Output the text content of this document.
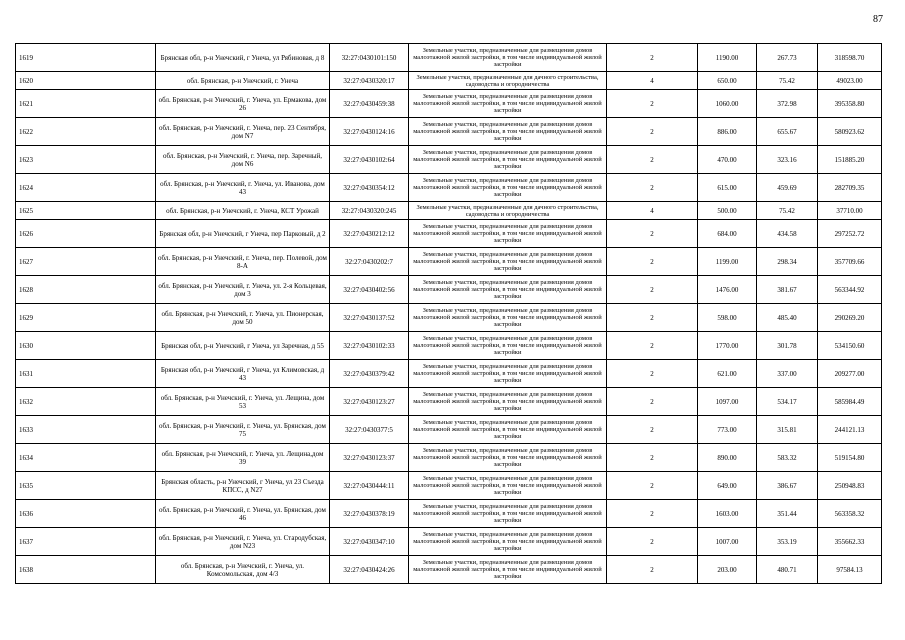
87
1619	Брянская обл, р-н Унечский, г Унеча, ул Рябиновая, д 8	32:27:0430101:150	Земельные участки, предназначенные для размещения домов малоэтажной жилой застройки, в том числе индивидуальной жилой застройки	2	1190.00	267.73	318598.70
1620	обл. Брянская, р-н Унечский, г. Унеча	32:27:0430320:17	Земельные участки, предназначенные для дачного строительства, садоводства и огородничества	4	650.00	75.42	49023.00
1621	обл. Брянская, р-н Унечский, г. Унеча, ул. Ермакова, дом 26	32:27:0430459:38	Земельные участки, предназначенные для размещения домов малоэтажной жилой застройки, в том числе индивидуальной жилой застройки	2	1060.00	372.98	395358.80
1622	обл. Брянская, р-н Унечский, г. Унеча, пер. 23 Сентября, дом N7	32:27:0430124:16	Земельные участки, предназначенные для размещения домов малоэтажной жилой застройки, в том числе индивидуальной жилой застройки	2	886.00	655.67	580923.62
1623	обл. Брянская, р-н Унечский, г. Унеча, пер. Заречный, дом N6	32:27:0430102:64	Земельные участки, предназначенные для размещения домов малоэтажной жилой застройки, в том числе индивидуальной жилой застройки	2	470.00	323.16	151885.20
1624	обл. Брянская, р-н Унечский, г. Унеча, ул. Иванова, дом 43	32:27:0430354:12	Земельные участки, предназначенные для размещения домов малоэтажной жилой застройки, в том числе индивидуальной жилой застройки	2	615.00	459.69	282709.35
1625	обл. Брянская, р-н Унечский, г. Унеча, КСТ Урожай	32:27:0430320:245	Земельные участки, предназначенные для дачного строительства, садоводства и огородничества	4	500.00	75.42	37710.00
1626	Брянская обл, р-н Унечский, г Унеча, пер Парковый, д 2	32:27:0430212:12	Земельные участки, предназначенные для размещения домов малоэтажной жилой застройки, в том числе индивидуальной жилой застройки	2	684.00	434.58	297252.72
1627	обл. Брянская, р-н Унечский, г. Унеча, пер. Полевой, дом 8-А	32:27:0430202:7	Земельные участки, предназначенные для размещения домов малоэтажной жилой застройки, в том числе индивидуальной жилой застройки	2	1199.00	298.34	357709.66
1628	обл. Брянская, р-н Унечский, г. Унеча, ул. 2-я Кольцевая, дом 3	32:27:0430402:56	Земельные участки, предназначенные для размещения домов малоэтажной жилой застройки, в том числе индивидуальной жилой застройки	2	1476.00	381.67	563344.92
1629	обл. Брянская, р-н Унечский, г. Унеча, ул. Пионерская, дом 50	32:27:0430137:52	Земельные участки, предназначенные для размещения домов малоэтажной жилой застройки, в том числе индивидуальной жилой застройки	2	598.00	485.40	290269.20
1630	Брянская обл, р-н Унечский, г Унеча, ул Заречная, д 55	32:27:0430102:33	Земельные участки, предназначенные для размещения домов малоэтажной жилой застройки, в том числе индивидуальной жилой застройки	2	1770.00	301.78	534150.60
1631	Брянская обл, р-н Унечский, г Унеча, ул Климовская, д 43	32:27:0430379:42	Земельные участки, предназначенные для размещения домов малоэтажной жилой застройки, в том числе индивидуальной жилой застройки	2	621.00	337.00	209277.00
1632	обл. Брянская, р-н Унечский, г. Унеча, ул. Лещина, дом 53	32:27:0430123:27	Земельные участки, предназначенные для размещения домов малоэтажной жилой застройки, в том числе индивидуальной жилой застройки	2	1097.00	534.17	585984.49
1633	обл. Брянская, р-н Унечский, г. Унеча, ул. Брянская, дом 75	32:27:0430377:5	Земельные участки, предназначенные для размещения домов малоэтажной жилой застройки, в том числе индивидуальной жилой застройки	2	773.00	315.81	244121.13
1634	обл. Брянская, р-н Унечский, г. Унеча, ул. Лещина,дом 39	32:27:0430123:37	Земельные участки, предназначенные для размещения домов малоэтажной жилой застройки, в том числе индивидуальной жилой застройки	2	890.00	583.32	519154.80
1635	Брянская область, р-н Унечский, г Унеча, ул 23 Съезда КПСС, д N27	32:27:0430444:11	Земельные участки, предназначенные для размещения домов малоэтажной жилой застройки, в том числе индивидуальной жилой застройки	2	649.00	386.67	250948.83
1636	обл. Брянская, р-н Унечский, г. Унеча, ул. Брянская, дом 46	32:27:0430378:19	Земельные участки, предназначенные для размещения домов малоэтажной жилой застройки, в том числе индивидуальной жилой застройки	2	1603.00	351.44	563358.32
1637	обл. Брянская, р-н Унечский, г. Унеча, ул. Стародубская, дом N23	32:27:0430347:10	Земельные участки, предназначенные для размещения домов малоэтажной жилой застройки, в том числе индивидуальной жилой застройки	2	1007.00	353.19	355662.33
1638	обл. Брянская, р-н Унечский, г. Унеча, ул. Комсомольская, дом 4/3	32:27:0430424:26	Земельные участки, предназначенные для размещения домов малоэтажной жилой застройки, в том числе индивидуальной жилой застройки	2	203.00	480.71	97584.13
